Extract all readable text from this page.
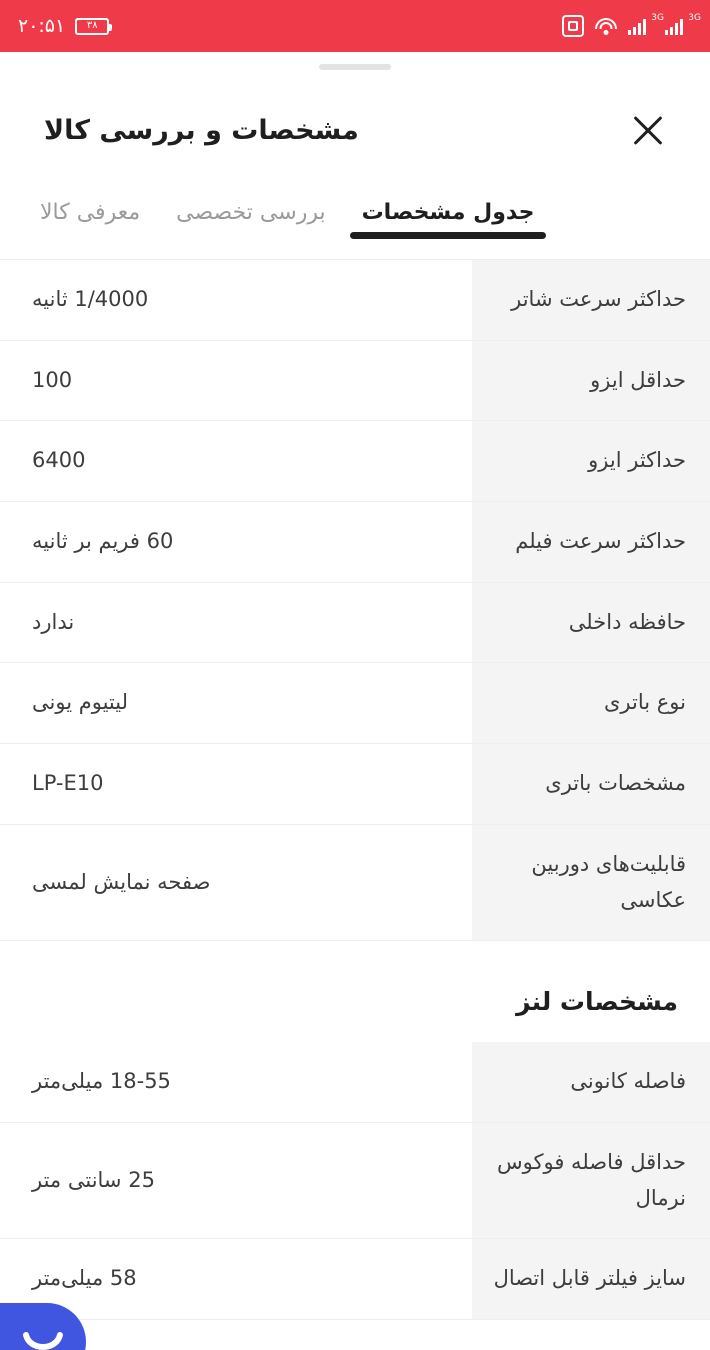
۲۰:۵۱ ۳۸
3G	3G
مشخصات و بررسی کالا
معرفی کالا	بررسی تخصصی	جدول مشخصات
حداکثر سرعت شاتر	1/4000 ثانیه
حداقل ایزو	100
حداکثر ایزو	6400
حداکثر سرعت فیلم	60 فریم بر ثانیه
حافظه داخلی	ندارد
نوع باتری	لیتیوم یونی
مشخصات باتری	LP-E10
قابلیت‌های دوربین عکاسی	صفحه نمایش لمسی
مشخصات لنز
فاصله کانونی	18-55 میلی‌متر
حداقل فاصله فوکوس نرمال	25 سانتی متر
سایز فیلتر قابل اتصال	58 میلی‌متر
